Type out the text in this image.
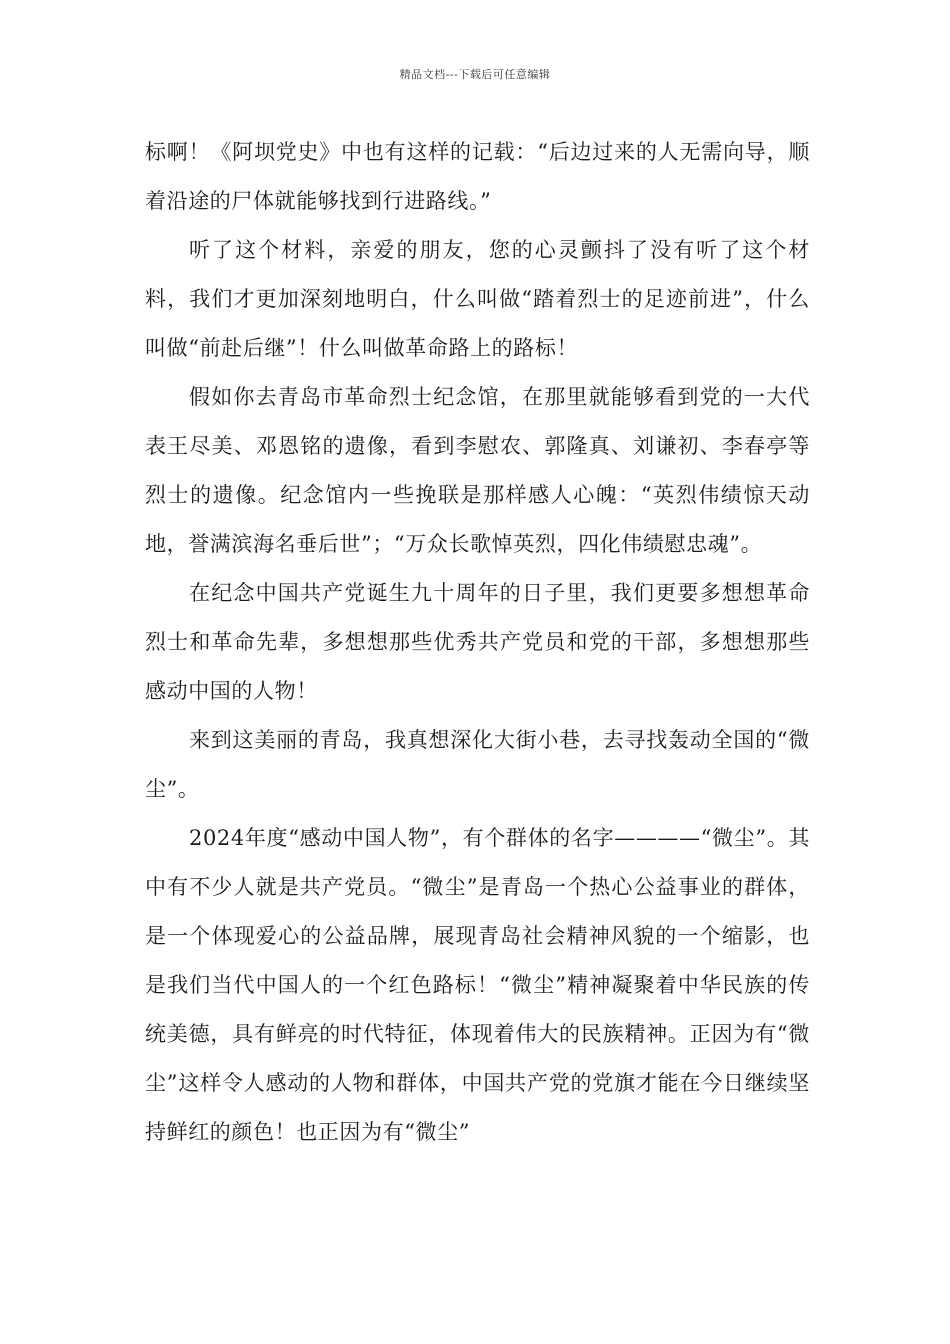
精品文档---下载后可任意编辑

标啊！《阿坝党史》中也有这样的记载：“后边过来的人无需向导，顺着沿途的尸体就能够找到行进路线。”

听了这个材料，亲爱的朋友，您的心灵颤抖了没有听了这个材料，我们才更加深刻地明白，什么叫做“踏着烈士的足迹前进”，什么叫做“前赴后继”！什么叫做革命路上的路标！

假如你去青岛市革命烈士纪念馆，在那里就能够看到党的一大代表王尽美、邓恩铭的遗像，看到李慰农、郭隆真、刘谦初、李春亭等烈士的遗像。纪念馆内一些挽联是那样感人心魄：“英烈伟绩惊天动地，誉满滨海名垂后世”；“万众长歌悼英烈，四化伟绩慰忠魂”。

在纪念中国共产党诞生九十周年的日子里，我们更要多想想革命烈士和革命先辈，多想想那些优秀共产党员和党的干部，多想想那些感动中国的人物！

来到这美丽的青岛，我真想深化大街小巷，去寻找轰动全国的“微尘”。

2024年度“感动中国人物”，有个群体的名字————“微尘”。其中有不少人就是共产党员。“微尘”是青岛一个热心公益事业的群体，是一个体现爱心的公益品牌，展现青岛社会精神风貌的一个缩影，也是我们当代中国人的一个红色路标！“微尘”精神凝聚着中华民族的传统美德，具有鲜亮的时代特征，体现着伟大的民族精神。正因为有“微尘”这样令人感动的人物和群体，中国共产党的党旗才能在今日继续坚持鲜红的颜色！也正因为有“微尘”
